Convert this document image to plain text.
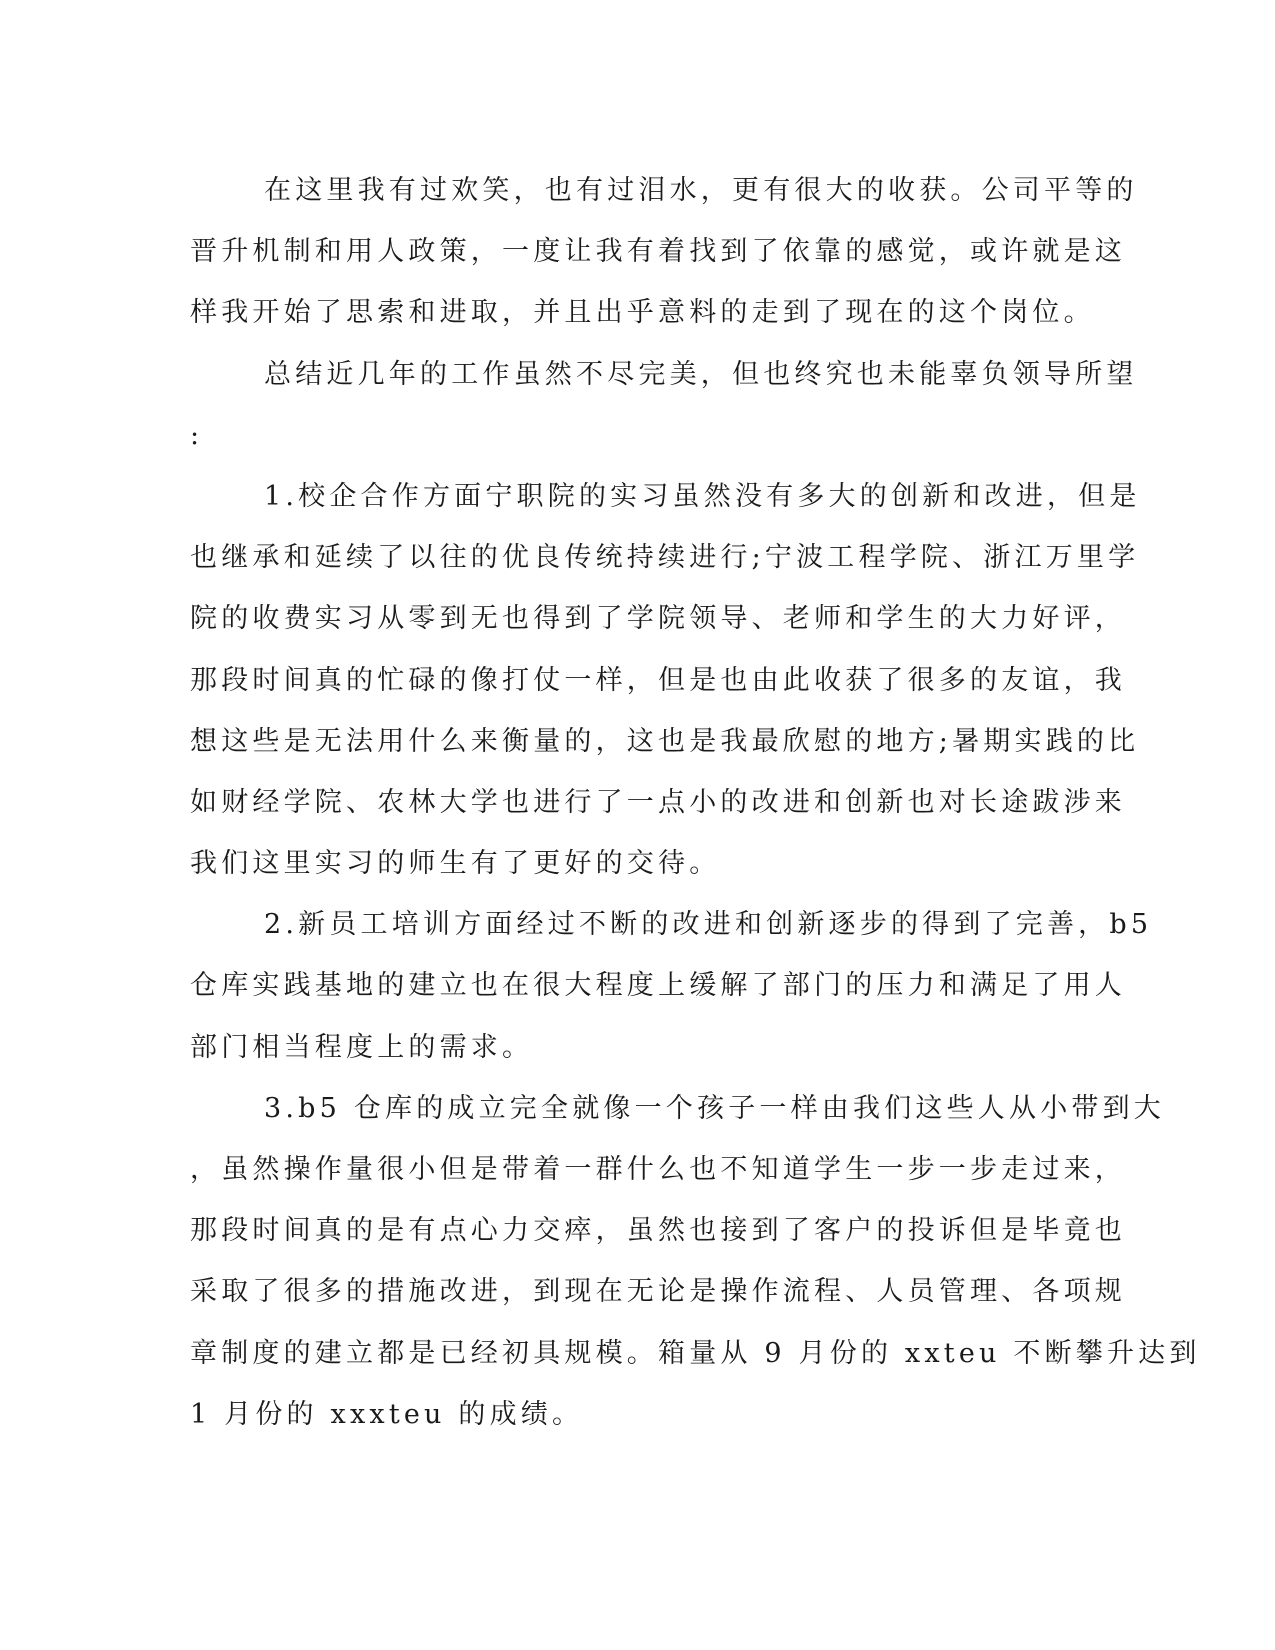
在这里我有过欢笑，也有过泪水，更有很大的收获。公司平等的
晋升机制和用人政策，一度让我有着找到了依靠的感觉，或许就是这
样我开始了思索和进取，并且出乎意料的走到了现在的这个岗位。
总结近几年的工作虽然不尽完美，但也终究也未能辜负领导所望
:
1.校企合作方面宁职院的实习虽然没有多大的创新和改进，但是
也继承和延续了以往的优良传统持续进行;宁波工程学院、浙江万里学
院的收费实习从零到无也得到了学院领导、老师和学生的大力好评，
那段时间真的忙碌的像打仗一样，但是也由此收获了很多的友谊，我
想这些是无法用什么来衡量的，这也是我最欣慰的地方;暑期实践的比
如财经学院、农林大学也进行了一点小的改进和创新也对长途跋涉来
我们这里实习的师生有了更好的交待。
2.新员工培训方面经过不断的改进和创新逐步的得到了完善，b5
仓库实践基地的建立也在很大程度上缓解了部门的压力和满足了用人
部门相当程度上的需求。
3.b5 仓库的成立完全就像一个孩子一样由我们这些人从小带到大
，虽然操作量很小但是带着一群什么也不知道学生一步一步走过来，
那段时间真的是有点心力交瘁，虽然也接到了客户的投诉但是毕竟也
采取了很多的措施改进，到现在无论是操作流程、人员管理、各项规
章制度的建立都是已经初具规模。箱量从 9 月份的 xxteu 不断攀升达到
1 月份的 xxxteu 的成绩。
